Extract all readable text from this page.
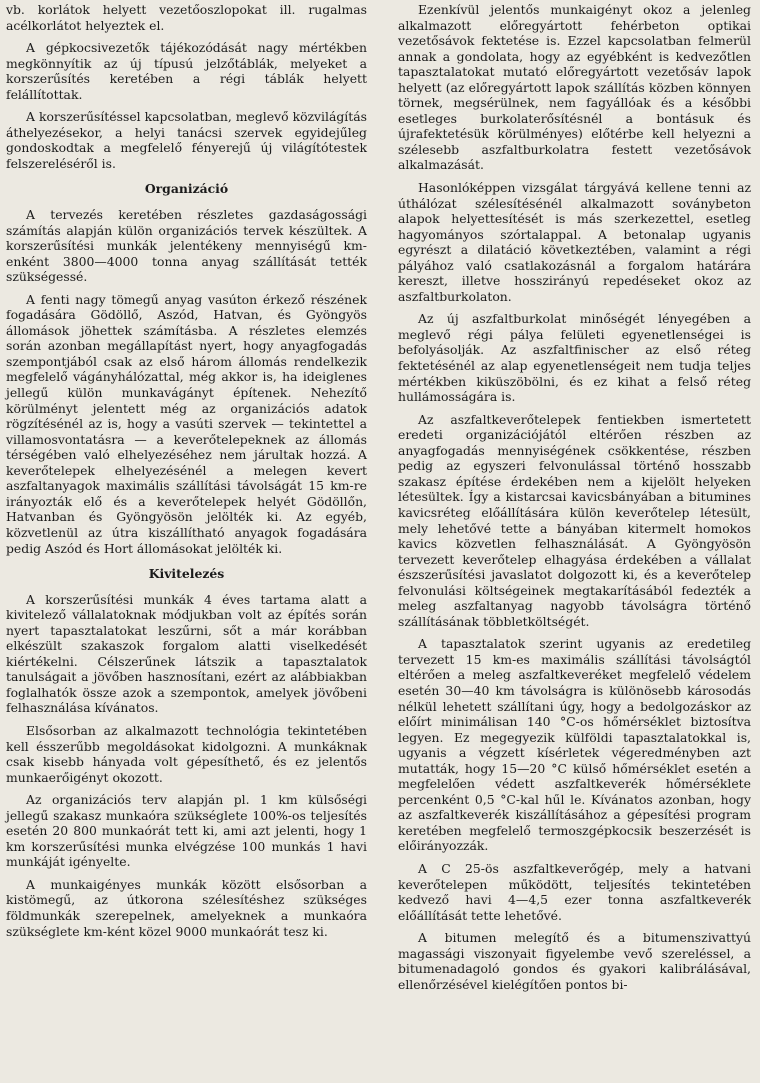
vb. korlátok helyett vezetőoszlopokat ill. rugalmas acélkorlátot helyeztek el.

A gépkocsivezetők tájékozódását nagy mértékben megkönnyítik az új típusú jelzőtáblák, melyeket a korszerűsítés keretében a régi táblák helyett felállítottak.

A korszerűsítéssel kapcsolatban, meglevő közvilágítás áthelyezésekor, a helyi tanácsi szervek egyidejűleg gondoskodtak a megfelelő fényerejű új világítótestek felszereléséről is.

Organizáció

A tervezés keretében részletes gazdaságossági számítás alapján külön organizációs tervek készültek. A korszerűsítési munkák jelentékeny mennyiségű km-enként 3800—4000 tonna anyag szállítását tették szükségessé.

A fenti nagy tömegű anyag vasúton érkező részének fogadására Gödöllő, Aszód, Hatvan, és Gyöngyös állomások jöhettek számításba. A részletes elemzés során azonban megállapítást nyert, hogy anyagfogadás szempontjából csak az első három állomás rendelkezik megfelelő vágányhálózattal, még akkor is, ha ideiglenes jellegű külön munkavágányt építenek. Nehezítő körülményt jelentett még az organizációs adatok rögzítésénél az is, hogy a vasúti szervek — tekintettel a villamosvontatásra — a keverőtelepeknek az állomás térségében való elhelyezéséhez nem járultak hozzá. A keverőtelepek elhelyezésénél a melegen kevert aszfaltanyagok maximális szállítási távolságát 15 km-re irányozták elő és a keverőtelepek helyét Gödöllőn, Hatvanban és Gyöngyösön jelölték ki. Az egyéb, közvetlenül az útra kiszállítható anyagok fogadására pedig Aszód és Hort állomásokat jelölték ki.

Kivitelezés

A korszerűsítési munkák 4 éves tartama alatt a kivitelező vállalatoknak módjukban volt az építés során nyert tapasztalatokat leszűrni, sőt a már korábban elkészült szakaszok forgalom alatti viselkedését kiértékelni. Célszerűnek látszik a tapasztalatok tanulságait a jövőben hasznosítani, ezért az alábbiakban foglalhatók össze azok a szempontok, amelyek jövőbeni felhasználása kívánatos.

Elsősorban az alkalmazott technológia tekintetében kell ésszerűbb megoldásokat kidolgozni. A munkáknak csak kisebb hányada volt gépesíthető, és ez jelentős munkaerőigényt okozott.

Az organizációs terv alapján pl. 1 km külsőségi jellegű szakasz munkaóra szükséglete 100%-os teljesítés esetén 20 800 munkaórát tett ki, ami azt jelenti, hogy 1 km korszerűsítési munka elvégzése 100 munkás 1 havi munkáját igényelte.

A munkaigényes munkák között elsősorban a kistömegű, az útkorona szélesítéshez szükséges földmunkák szerepelnek, amelyeknek a munkaóra szükséglete km-ként közel 9000 munkaórát tesz ki.

Ezenkívül jelentős munkaigényt okoz a jelenleg alkalmazott előregyártott fehérbeton optikai vezetősávok fektetése is. Ezzel kapcsolatban felmerül annak a gondolata, hogy az egyébként is kedvezőtlen tapasztalatokat mutató előregyártott vezetősáv lapok helyett (az előregyártott lapok szállítás közben könnyen törnek, megsérülnek, nem fagyállóak és a későbbi esetleges burkolaterősítésnél a bontásuk és újrafektetésük körülményes) előtérbe kell helyezni a szélesebb aszfaltburkolatra festett vezetősávok alkalmazását.

Hasonlóképpen vizsgálat tárgyává kellene tenni az úthálózat szélesítésénél alkalmazott soványbeton alapok helyettesítését is más szerkezettel, esetleg hagyományos szórtalappal. A betonalap ugyanis egyrészt a dilatáció következtében, valamint a régi pályához való csatlakozásnál a forgalom határára kereszt, illetve hosszirányú repedéseket okoz az aszfaltburkolaton.

Az új aszfaltburkolat minőségét lényegében a meglevő régi pálya felületi egyenetlenségei is befolyásolják. Az aszfaltfinischer az első réteg fektetésénél az alap egyenetlenségeit nem tudja teljes mértékben kiküszöbölni, és ez kihat a felső réteg hullámosságára is.

Az aszfaltkeverőtelepek fentiekben ismertetett eredeti organizációjától eltérően részben az anyagfogadás mennyiségének csökkentése, részben pedig az egyszeri felvonulással történő hosszabb szakasz építése érdekében nem a kijelölt helyeken létesültek. Így a kistarcsai kavicsbányában a bitumines kavicsréteg előállítására külön keverőtelep létesült, mely lehetővé tette a bányában kitermelt homokos kavics közvetlen felhasználását. A Gyöngyösön tervezett keverőtelep elhagyása érdekében a vállalat észszerűsítési javaslatot dolgozott ki, és a keverőtelep felvonulási költségeinek megtakarításából fedezték a meleg aszfaltanyag nagyobb távolságra történő szállításának többletköltségét.

A tapasztalatok szerint ugyanis az eredetileg tervezett 15 km-es maximális szállítási távolságtól eltérően a meleg aszfaltkeveréket megfelelő védelem esetén 30—40 km távolságra is különösebb károsodás nélkül lehetett szállítani úgy, hogy a bedolgozáskor az előírt minimálisan 140 °C-os hőmérséklet biztosítva legyen. Ez megegyezik külföldi tapasztalatokkal is, ugyanis a végzett kísérletek végeredményben azt mutatták, hogy 15—20 °C külső hőmérséklet esetén a megfelelően védett aszfaltkeverék hőmérséklete percenként 0,5 °C-kal hűl le. Kívánatos azonban, hogy az aszfaltkeverék kiszállításához a gépesítési program keretében megfelelő termoszgépkocsik beszerzését is előirányozzák.

A C 25-ös aszfaltkeverőgép, mely a hatvani keverőtelepen működött, teljesítés tekintetében kedvező havi 4—4,5 ezer tonna aszfaltkeverék előállítását tette lehetővé.

A bitumen melegítő és a bitumenszivattyú magassági viszonyait figyelembe vevő szereléssel, a bitumenadagoló gondos és gyakori kalibrálásával, ellenőrzésével kielégítően pontos bi-
